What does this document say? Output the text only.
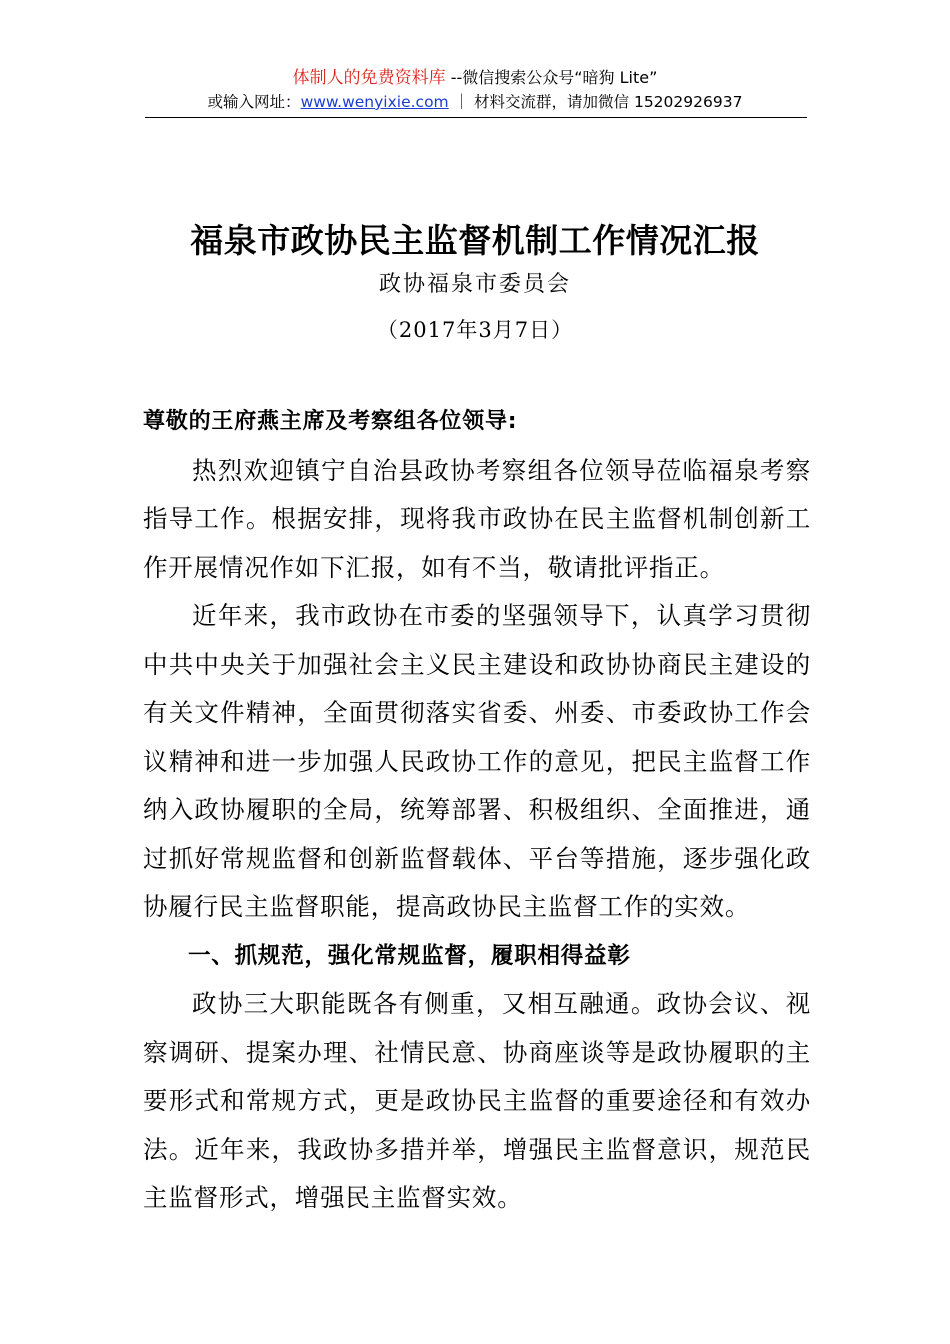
体制人的免费资料库 --微信搜索公众号“暗狗 Lite”
或输入网址：www.wenyixie.com ｜ 材料交流群，请加微信 15202926937
福泉市政协民主监督机制工作情况汇报
政协福泉市委员会
（2017年3月7日）

尊敬的王府燕主席及考察组各位领导:

热烈欢迎镇宁自治县政协考察组各位领导莅临福泉考察指导工作。根据安排，现将我市政协在民主监督机制创新工作开展情况作如下汇报，如有不当，敬请批评指正。

近年来，我市政协在市委的坚强领导下，认真学习贯彻中共中央关于加强社会主义民主建设和政协协商民主建设的有关文件精神，全面贯彻落实省委、州委、市委政协工作会议精神和进一步加强人民政协工作的意见，把民主监督工作纳入政协履职的全局，统筹部署、积极组织、全面推进，通过抓好常规监督和创新监督载体、平台等措施，逐步强化政协履行民主监督职能，提高政协民主监督工作的实效。

一、抓规范，强化常规监督，履职相得益彰

政协三大职能既各有侧重，又相互融通。政协会议、视察调研、提案办理、社情民意、协商座谈等是政协履职的主要形式和常规方式，更是政协民主监督的重要途径和有效办法。近年来，我政协多措并举，增强民主监督意识，规范民主监督形式，增强民主监督实效。
